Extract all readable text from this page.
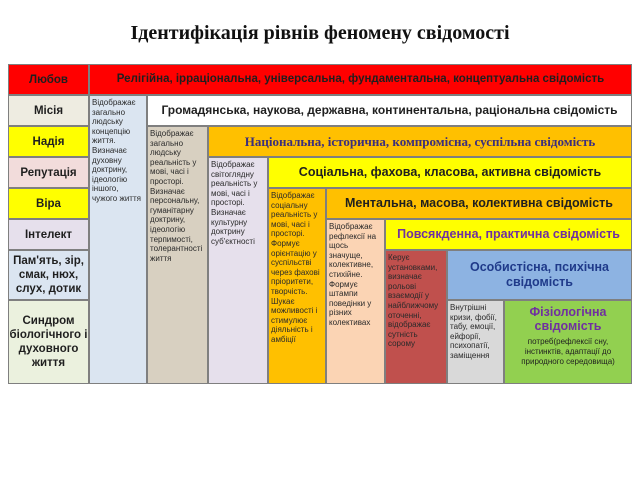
Ідентифікація рівнів феномену свідомості
Любов
Місія
Надія
Репутація
Віра
Інтелект
Пам'ять, зір, смак, нюх, слух, дотик
Синдром біологічного і духовного життя
Відображає загально людську концепцію життя. Визначає духовну доктрину, ідеологію іншого, чужого життя
Відображає загально людську реальність у мові, часі і просторі. Визначає персональну, гуманітарну доктрину, ідеологію терпимості, толерантності життя
Відображає світоглядну реальність у мові, часі і просторі. Визначає культурну доктрину суб'єктності
Відображає соціальну реальність у мові, часі і просторі. Формує орієнтацію у суспільстві через фахові пріоритети, творчість. Шукає можливості і стимулює діяльність і амбіції
Відображає рефлексії на щось значуще, колективне, стихійне. Формує штампи поведінки у різних колективах
Керує установками, визначає рольові взаємодії у найближчому оточенні, відображає сутність сорому
Внутрішні кризи, фобії, табу, емоції, ейфорії, психопатії, заміщення
Релігійна, ірраціональна, універсальна, фундаментальна, концептуальна свідомість
Громадянська, наукова, державна, континентальна, раціональна свідомість
Національна, історична, компромісна, суспільна свідомість
Соціальна, фахова, класова, активна свідомість
Ментальна, масова, колективна свідомість
Повсякденна, практична свідомість
Особистісна, психічна свідомість
Фізіологічна свідомість
потреб(рефлексії сну, інстинктів, адаптації до природного середовища)
